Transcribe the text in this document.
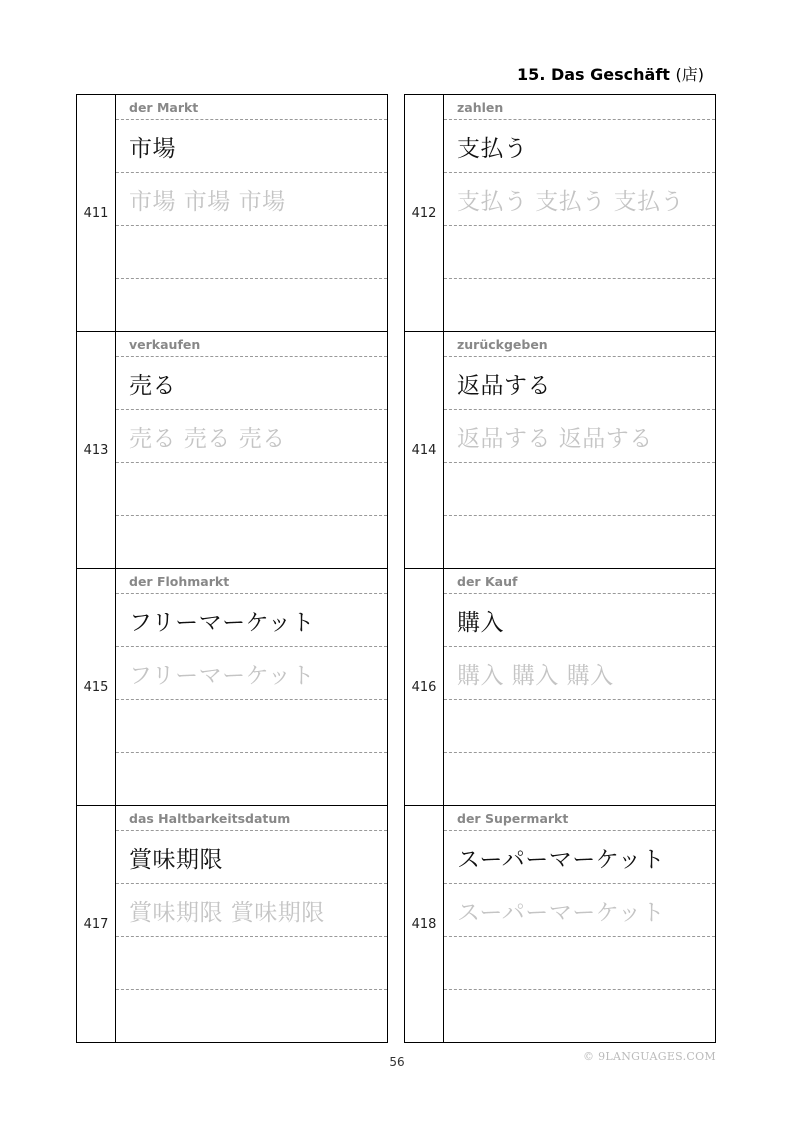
15. Das Geschäft (店)
411
der Markt
市場
市場 市場 市場
413
verkaufen
売る
売る 売る 売る
415
der Flohmarkt
フリーマーケット
フリーマーケット
417
das Haltbarkeitsdatum
賞味期限
賞味期限 賞味期限
412
zahlen
支払う
支払う 支払う 支払う
414
zurückgeben
返品する
返品する 返品する
416
der Kauf
購入
購入 購入 購入
418
der Supermarkt
スーパーマーケット
スーパーマーケット
56	© 9LANGUAGES.COM
